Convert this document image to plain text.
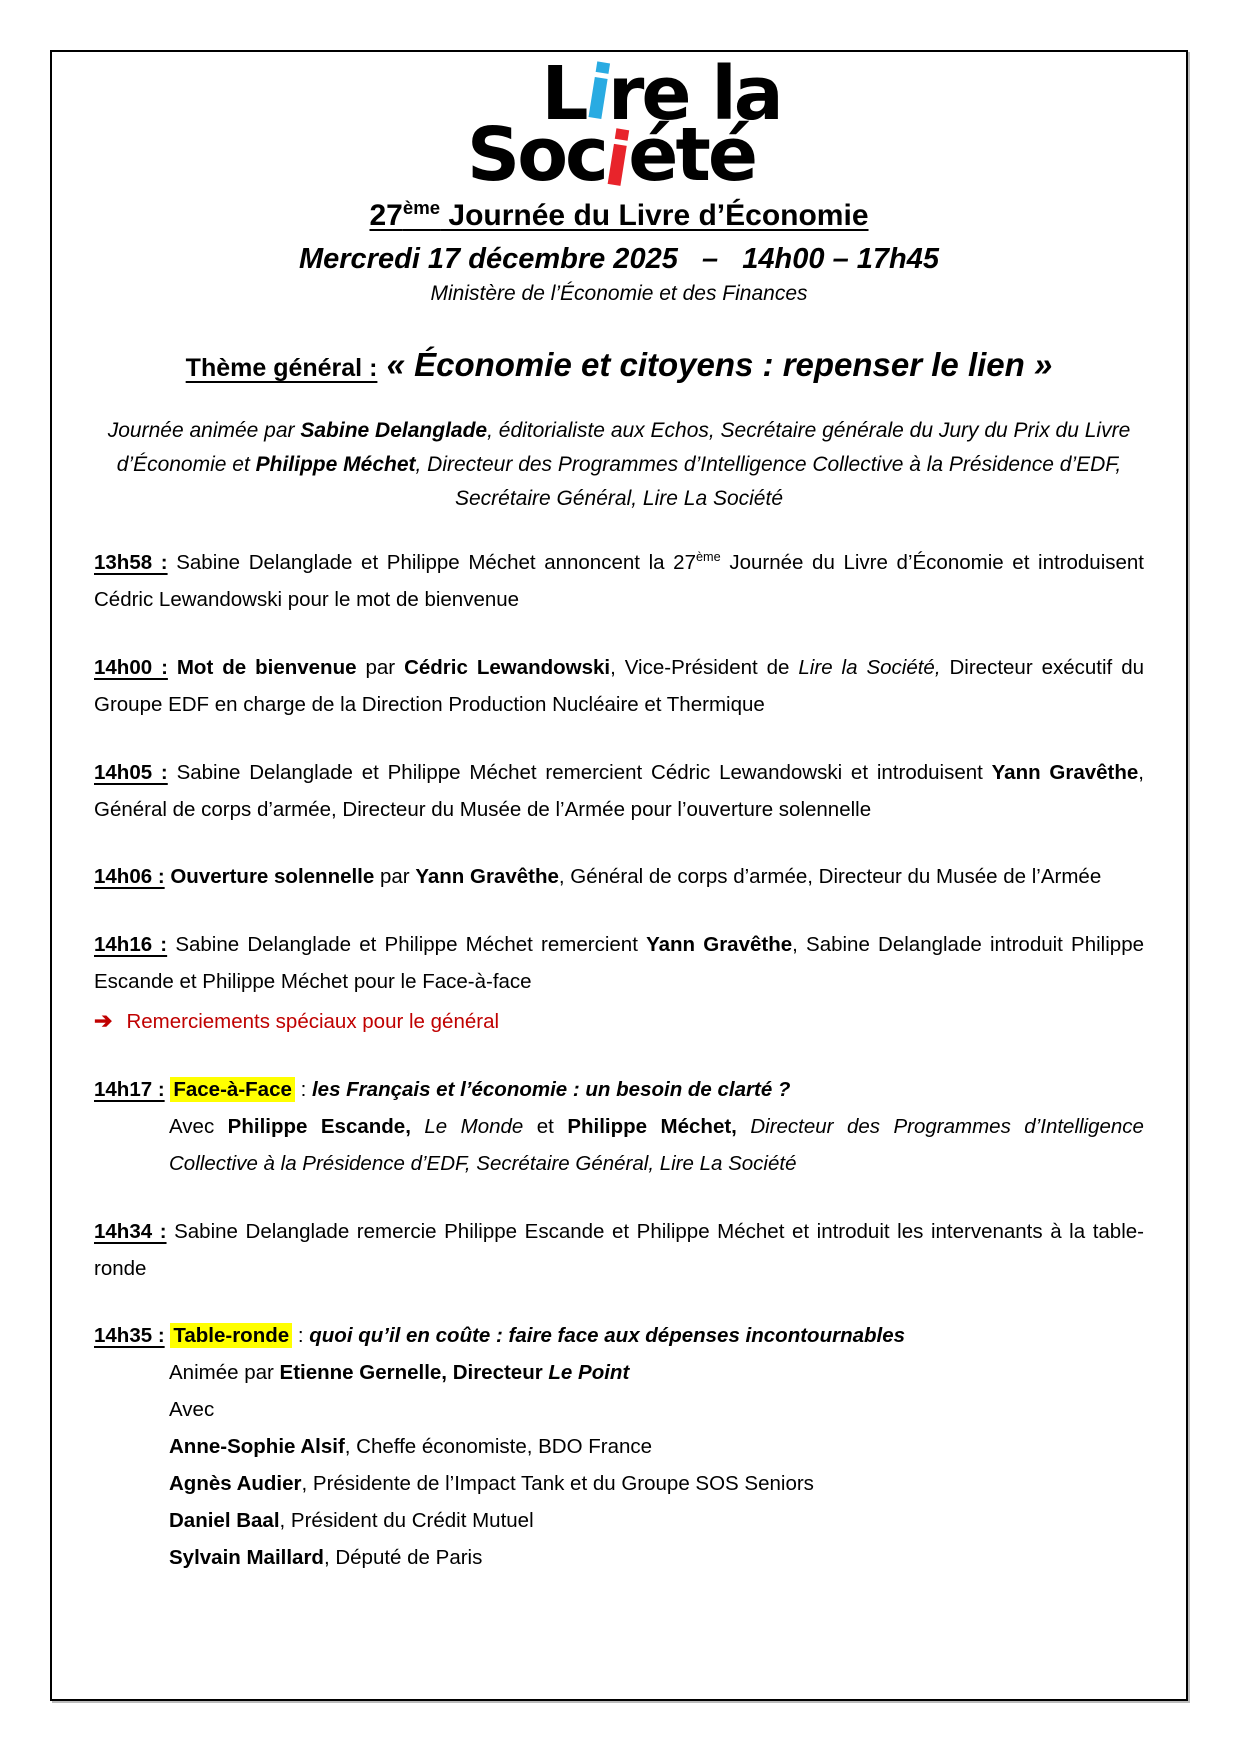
Lire la
Société
27ème Journée du Livre d’Économie
Mercredi 17 décembre 2025   –   14h00 – 17h45
Ministère de l’Économie et des Finances
Thème général : « Économie et citoyens : repenser le lien »
Journée animée par Sabine Delanglade, éditorialiste aux Echos, Secrétaire générale du Jury du Prix du Livre d’Économie et Philippe Méchet, Directeur des Programmes d’Intelligence Collective à la Présidence d’EDF, Secrétaire Général, Lire La Société
13h58 : Sabine Delanglade et Philippe Méchet annoncent la 27ème Journée du Livre d’Économie et introduisent Cédric Lewandowski pour le mot de bienvenue
14h00 : Mot de bienvenue par Cédric Lewandowski, Vice-Président de Lire la Société, Directeur exécutif du Groupe EDF en charge de la Direction Production Nucléaire et Thermique
14h05 : Sabine Delanglade et Philippe Méchet remercient Cédric Lewandowski et introduisent Yann Gravêthe, Général de corps d’armée, Directeur du Musée de l’Armée pour l’ouverture solennelle
14h06 : Ouverture solennelle par Yann Gravêthe, Général de corps d’armée, Directeur du Musée de l’Armée
14h16 : Sabine Delanglade et Philippe Méchet remercient Yann Gravêthe, Sabine Delanglade introduit Philippe Escande et Philippe Méchet pour le Face-à-face
➔ Remerciements spéciaux pour le général
14h17 : Face-à-Face : les Français et l’économie : un besoin de clarté ?
Avec Philippe Escande, Le Monde et Philippe Méchet, Directeur des Programmes d’Intelligence Collective à la Présidence d’EDF, Secrétaire Général, Lire La Société
14h34 : Sabine Delanglade remercie Philippe Escande et Philippe Méchet et introduit les intervenants à la table-ronde
14h35 : Table-ronde : quoi qu’il en coûte : faire face aux dépenses incontournables
Animée par Etienne Gernelle, Directeur Le Point
Avec
Anne-Sophie Alsif, Cheffe économiste, BDO France
Agnès Audier, Présidente de l’Impact Tank et du Groupe SOS Seniors
Daniel Baal, Président du Crédit Mutuel
Sylvain Maillard, Député de Paris
